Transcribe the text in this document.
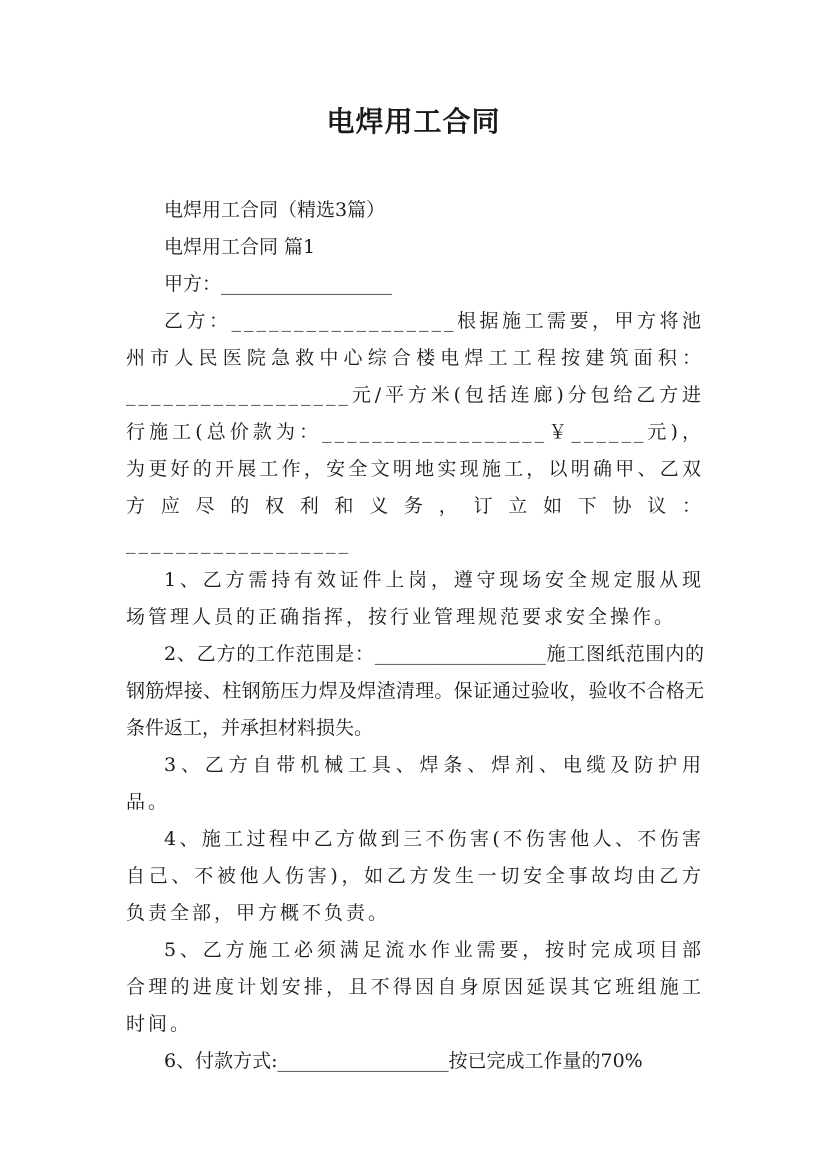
电焊用工合同

电焊用工合同（精选3篇）

电焊用工合同 篇1

甲方：__________________

乙方：__________________根据施工需要，甲方将池州市人民医院急救中心综合楼电焊工工程按建筑面积：__________________元/平方米(包括连廊)分包给乙方进行施工(总价款为：__________________￥______元)，为更好的开展工作，安全文明地实现施工，以明确甲、乙双方应尽的权利和义务，订立如下协议：__________________

1、乙方需持有效证件上岗，遵守现场安全规定服从现场管理人员的正确指挥，按行业管理规范要求安全操作。

2、乙方的工作范围是：__________________施工图纸范围内的钢筋焊接、柱钢筋压力焊及焊渣清理。保证通过验收，验收不合格无条件返工，并承担材料损失。

3、乙方自带机械工具、焊条、焊剂、电缆及防护用品。

4、施工过程中乙方做到三不伤害(不伤害他人、不伤害自己、不被他人伤害)，如乙方发生一切安全事故均由乙方负责全部，甲方概不负责。

5、乙方施工必须满足流水作业需要，按时完成项目部合理的进度计划安排，且不得因自身原因延误其它班组施工时间。

6、付款方式:__________________按已完成工作量的70%
